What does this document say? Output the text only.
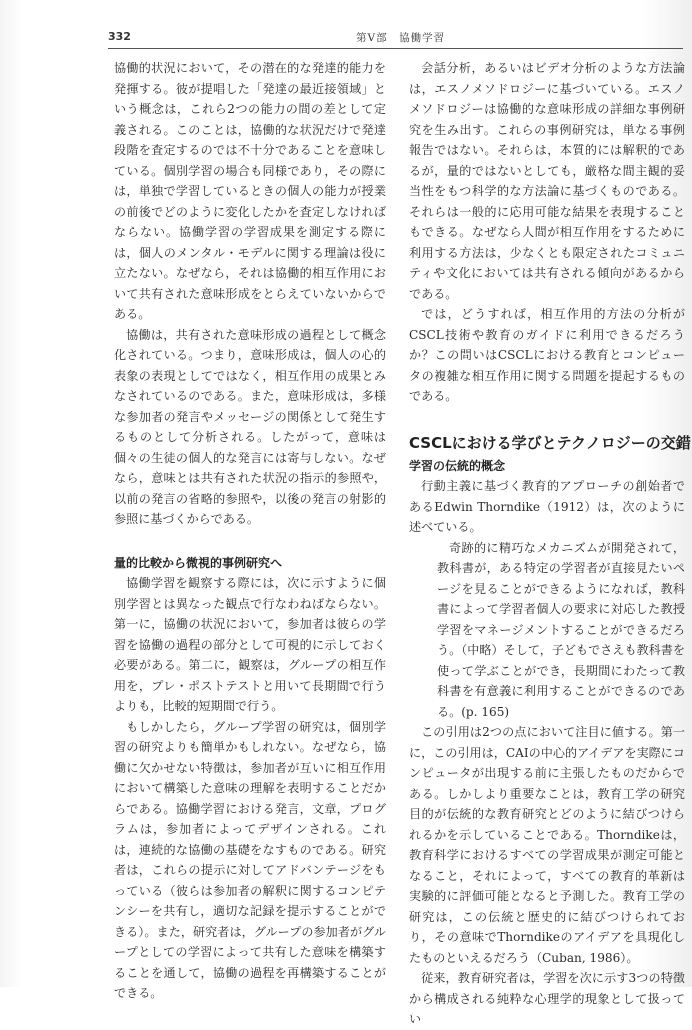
332	第V部　協働学習

協働的状況において，その潜在的な発達的能力を発揮する。彼が提唱した「発達の最近接領域」という概念は，これら2つの能力の間の差として定義される。このことは，協働的な状況だけで発達段階を査定するのでは不十分であることを意味している。個別学習の場合も同様であり，その際には，単独で学習しているときの個人の能力が授業の前後でどのように変化したかを査定しなければならない。協働学習の学習成果を測定する際には，個人のメンタル・モデルに関する理論は役に立たない。なぜなら，それは協働的相互作用において共有された意味形成をとらえていないからである。

協働は，共有された意味形成の過程として概念化されている。つまり，意味形成は，個人の心的表象の表現としてではなく，相互作用の成果とみなされているのである。また，意味形成は，多様な参加者の発言やメッセージの関係として発生するものとして分析される。したがって，意味は個々の生徒の個人的な発言には寄与しない。なぜなら，意味とは共有された状況の指示的参照や，以前の発言の省略的参照や，以後の発言の射影的参照に基づくからである。

量的比較から微視的事例研究へ

協働学習を観察する際には，次に示すように個別学習とは異なった観点で行なわねばならない。第一に，協働の状況において，参加者は彼らの学習を協働の過程の部分として可視的に示しておく必要がある。第二に，観察は，グループの相互作用を，プレ・ポストテストと用いて長期間で行うよりも，比較的短期間で行う。

もしかしたら，グループ学習の研究は，個別学習の研究よりも簡単かもしれない。なぜなら，協働に欠かせない特徴は，参加者が互いに相互作用において構築した意味の理解を表明することだからである。協働学習における発言，文章，プログラムは，参加者によってデザインされる。これは，連続的な協働の基礎をなすものである。研究者は，これらの提示に対してアドバンテージをもっている（彼らは参加者の解釈に関するコンピテンシーを共有し，適切な記録を提示することができる）。また，研究者は，グループの参加者がグループとしての学習によって共有した意味を構築することを通して，協働の過程を再構築することができる。

会話分析，あるいはビデオ分析のような方法論は，エスノメソドロジーに基づいている。エスノメソドロジーは協働的な意味形成の詳細な事例研究を生み出す。これらの事例研究は，単なる事例報告ではない。それらは，本質的には解釈的であるが，量的ではないとしても，厳格な間主観的妥当性をもつ科学的な方法論に基づくものである。それらは一般的に応用可能な結果を表現することもできる。なぜなら人間が相互作用をするために利用する方法は，少なくとも限定されたコミュニティや文化においては共有される傾向があるからである。

では，どうすれば，相互作用的方法の分析がCSCL技術や教育のガイドに利用できるだろうか？この問いはCSCLにおける教育とコンピュータの複雑な相互作用に関する問題を提起するものである。

CSCLにおける学びとテクノロジーの交錯
学習の伝統的概念

行動主義に基づく教育的アプローチの創始者であるEdwin Thorndike（1912）は，次のように述べている。

奇跡的に精巧なメカニズムが開発されて，教科書が，ある特定の学習者が直接見たいページを見ることができるようになれば，教科書によって学習者個人の要求に対応した教授学習をマネージメントすることができるだろう。（中略）そして，子どもでさえも教科書を使って学ぶことができ，長期間にわたって教科書を有意義に利用することができるのである。(p. 165)

この引用は2つの点において注目に値する。第一に，この引用は，CAIの中心的アイデアを実際にコンピュータが出現する前に主張したものだからである。しかしより重要なことは，教育工学の研究目的が伝統的な教育研究とどのように結びつけられるかを示していることである。Thorndikeは，教育科学におけるすべての学習成果が測定可能となること，それによって，すべての教育的革新は実験的に評価可能となると予測した。教育工学の研究は，この伝統と歴史的に結びつけられており，その意味でThorndikeのアイデアを具現化したものといえるだろう（Cuban, 1986）。

従来，教育研究者は，学習を次に示す3つの特徴から構成される純粋な心理学的現象として扱ってい
